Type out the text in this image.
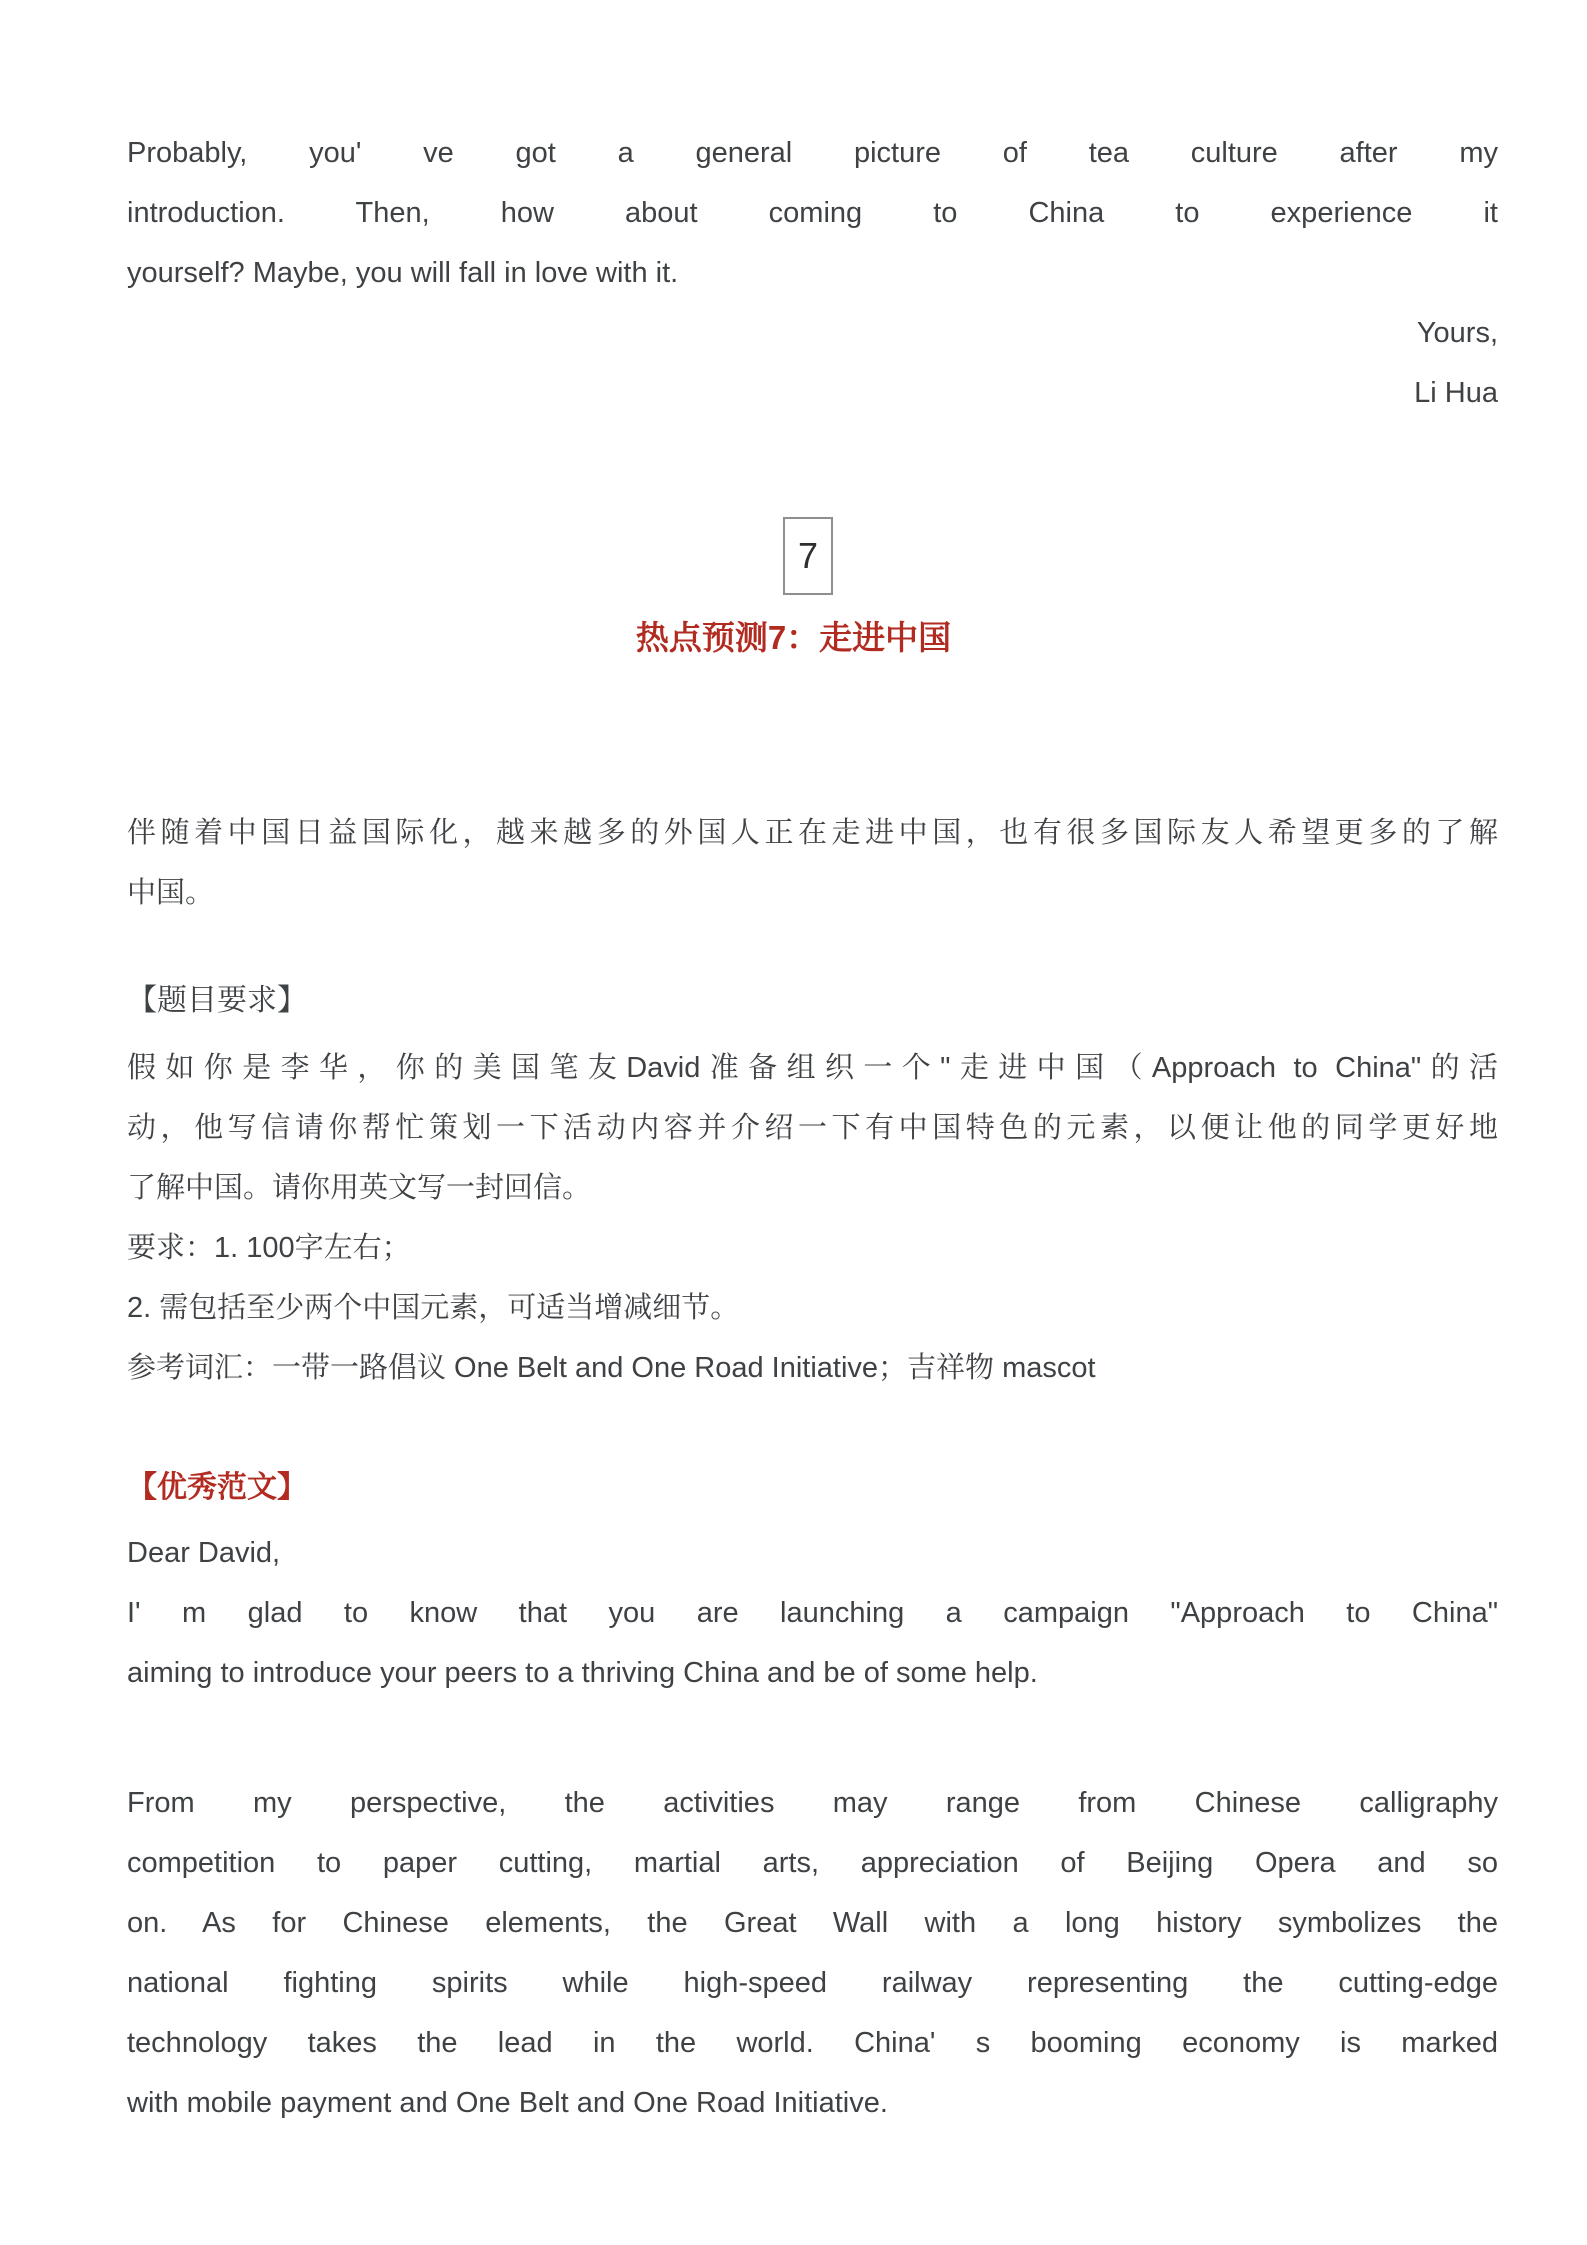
Probably, you' ve got a general picture of tea culture after my
introduction. Then, how about coming to China to experience it
yourself? Maybe, you will fall in love with it.
Yours,
Li Hua
7
热点预测7：走进中国
伴随着中国日益国际化，越来越多的外国人正在走进中国，也有很多国际友人希望更多的了解
中国。
【题目要求】
假如你是李华，你的美国笔友David准备组织一个"走进中国（Approach to China"的活
动，他写信请你帮忙策划一下活动内容并介绍一下有中国特色的元素，以便让他的同学更好地
了解中国。请你用英文写一封回信。
要求：1. 100字左右；
2. 需包括至少两个中国元素，可适当增减细节。
参考词汇：一带一路倡议 One Belt and One Road Initiative；吉祥物 mascot
【优秀范文】
Dear David,
I' m glad to know that you are launching a campaign "Approach to China"
aiming to introduce your peers to a thriving China and be of some help.
From my perspective, the activities may range from Chinese calligraphy
competition to paper cutting, martial arts, appreciation of Beijing Opera and so
on. As for Chinese elements, the Great Wall with a long history symbolizes the
national fighting spirits while high-speed railway representing the cutting-edge
technology takes the lead in the world. China' s booming economy is marked
with mobile payment and One Belt and One Road Initiative.
